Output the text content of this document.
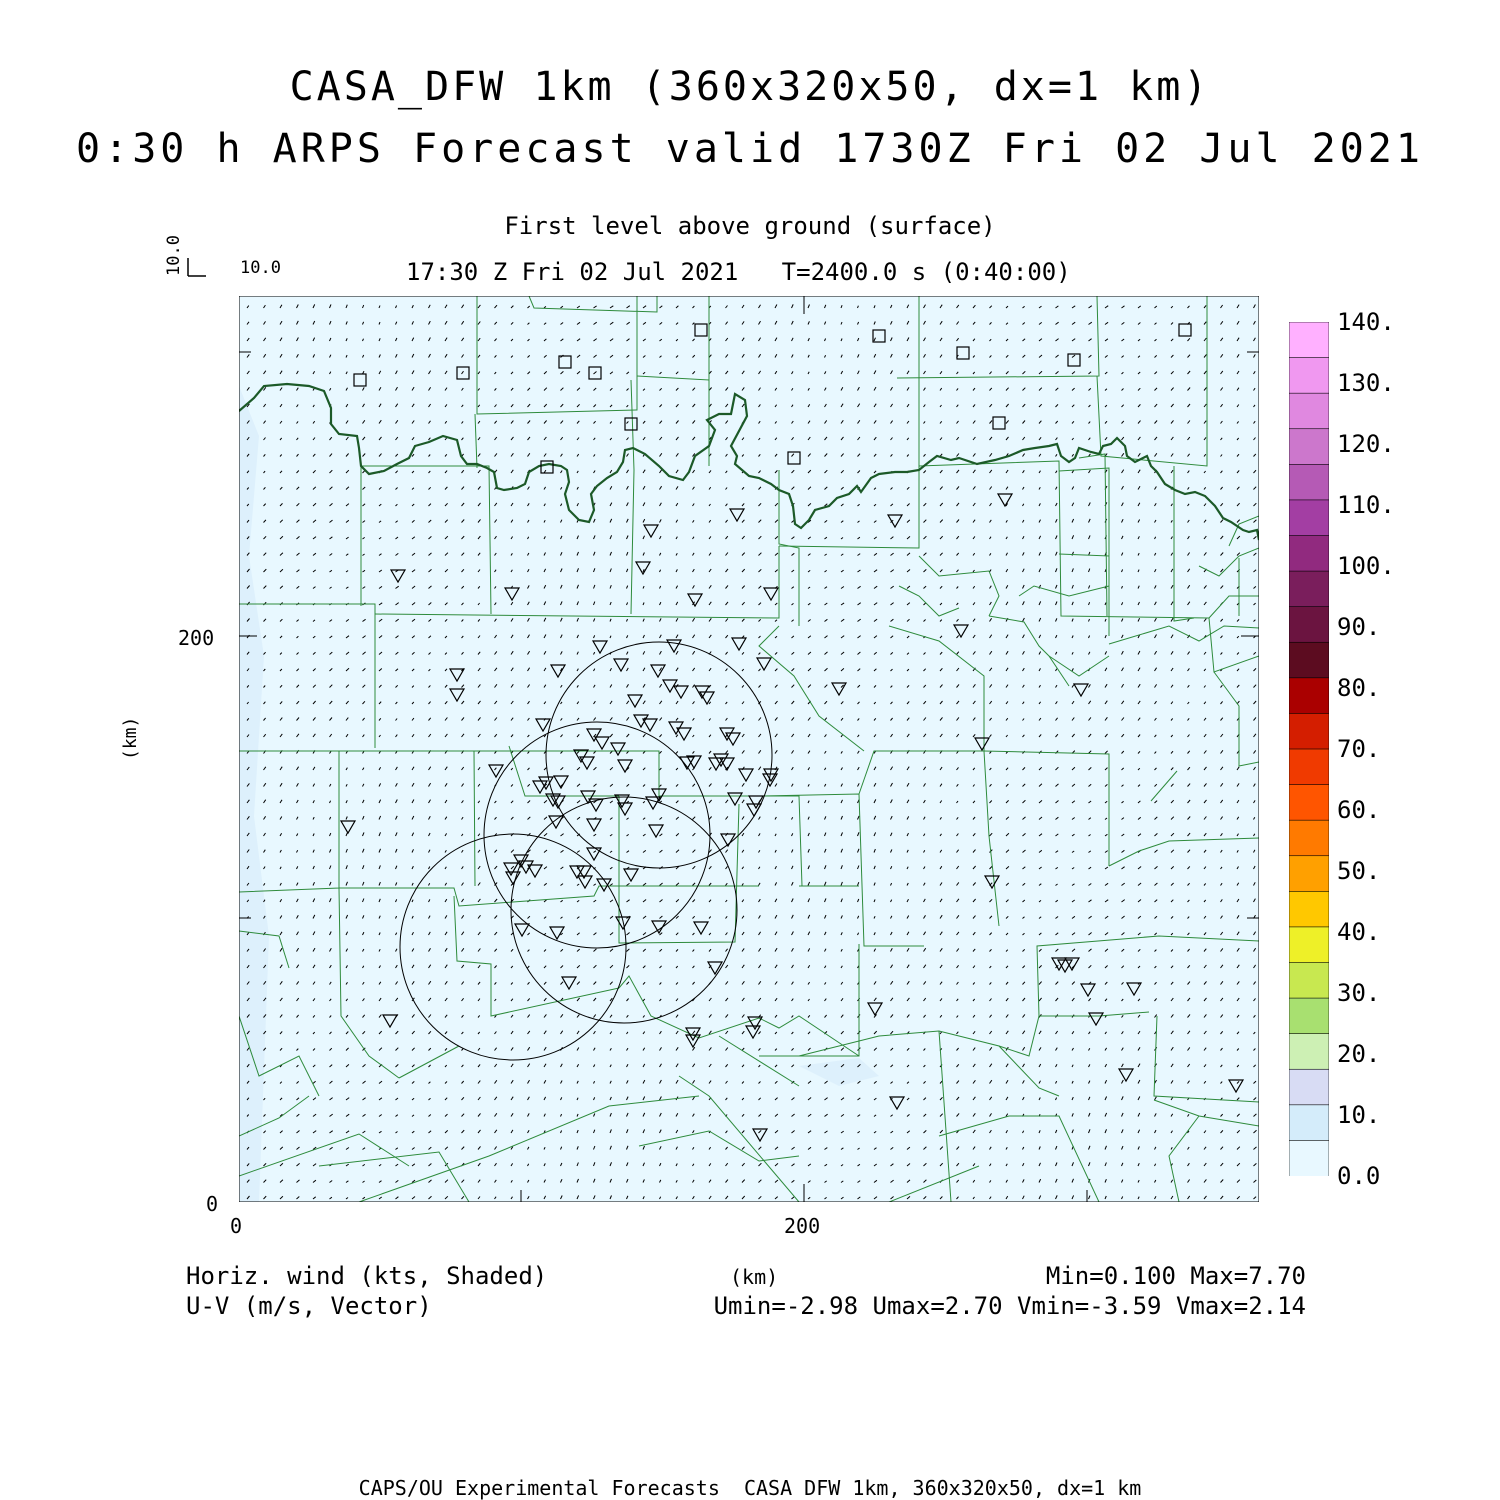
CASA_DFW 1km (360x320x50, dx=1 km)
0:30 h ARPS Forecast valid 1730Z Fri 02 Jul 2021
First level above ground (surface)
17:30 Z Fri 02 Jul 2021   T=2400.0 s (0:40:00)
10.0
10.0
200
0
0	200
(km)
140.
130.
120.
110.
100.
90.
80.
70.
60.
50.
40.
30.
20.
10.
0.0
Horiz. wind (kts, Shaded)
U-V (m/s, Vector)
(km)	Min=0.100 Max=7.70
Umin=-2.98 Umax=2.70 Vmin=-3.59 Vmax=2.14
CAPS/OU Experimental Forecasts  CASA DFW 1km, 360x320x50, dx=1 km
